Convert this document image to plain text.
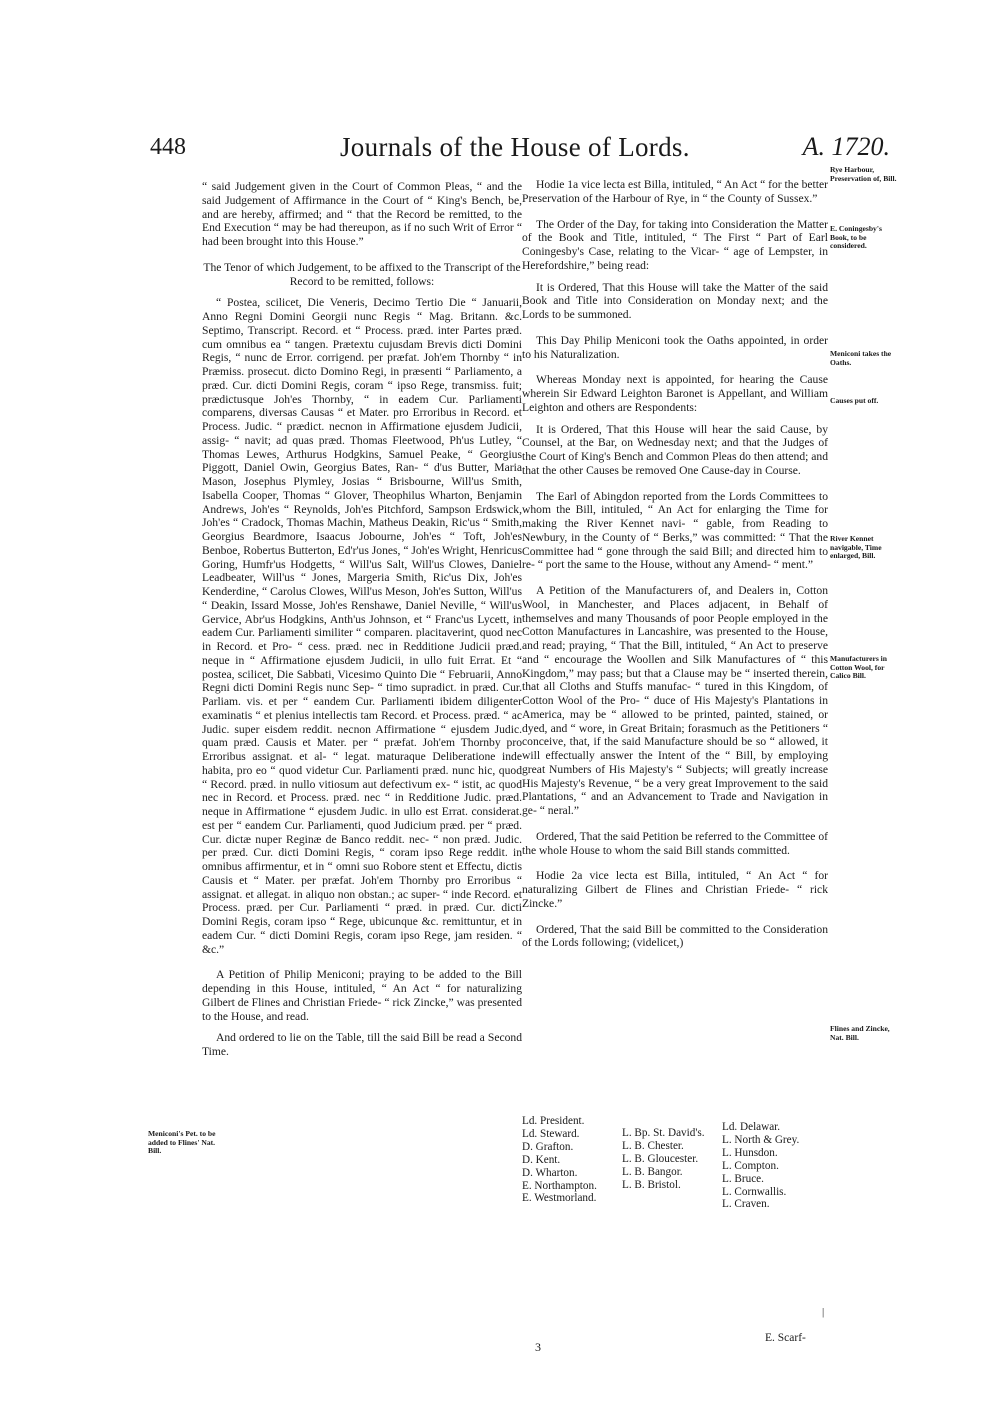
448	Journals of the House of Lords.	A. 1720.

“ said Judgement given in the Court of Common Pleas, “ and the said Judgement of Affirmance in the Court of “ King's Bench, be, and are hereby, affirmed; and “ that the Record be remitted, to the End Execution “ may be had thereupon, as if no such Writ of Error “ had been brought into this House.”

The Tenor of which Judgement, to be affixed to the Transcript of the Record to be remitted, follows:

“ Postea, scilicet, Die Veneris, Decimo Tertio Die “ Januarii, Anno Regni Domini Georgii nunc Regis “ Mag. Britann. &c. Septimo, Transcript. Record. et “ Process. præd. inter Partes præd. cum omnibus ea “ tangen. Prætextu cujusdam Brevis dicti Domini Regis, “ nunc de Error. corrigend. per præfat. Joh'em Thornby “ in Præmiss. prosecut. dicto Domino Regi, in præsenti “ Parliamento, a præd. Cur. dicti Domini Regis, coram “ ipso Rege, transmiss. fuit; prædictusque Joh'es Thornby, “ in eadem Cur. Parliamenti comparens, diversas Causas “ et Mater. pro Erroribus in Record. et Process. Judic. “ prædict. necnon in Affirmatione ejusdem Judicii, assig- “ navit; ad quas præd. Thomas Fleetwood, Ph'us Lutley, “ Thomas Lewes, Arthurus Hodgkins, Samuel Peake, “ Georgius Piggott, Daniel Owin, Georgius Bates, Ran- “ d'us Butter, Maria Mason, Josephus Plymley, Josias “ Brisbourne, Will'us Smith, Isabella Cooper, Thomas “ Glover, Theophilus Wharton, Benjamin Andrews, Joh'es “ Reynolds, Joh'es Pitchford, Sampson Erdswick, Joh'es “ Cradock, Thomas Machin, Matheus Deakin, Ric'us “ Smith, Georgius Beardmore, Isaacus Jobourne, Joh'es “ Toft, Joh'es Benboe, Robertus Butterton, Ed'r'us Jones, “ Joh'es Wright, Henricus Goring, Humfr'us Hodgetts, “ Will'us Salt, Will'us Clowes, Daniel Leadbeater, Will'us “ Jones, Margeria Smith, Ric'us Dix, Joh'es Kenderdine, “ Carolus Clowes, Will'us Meson, Joh'es Sutton, Will'us “ Deakin, Issard Mosse, Joh'es Renshawe, Daniel Neville, “ Will'us Gervice, Abr'us Hodgkins, Anth'us Johnson, et “ Franc'us Lycett, in eadem Cur. Parliamenti similiter “ comparen. placitaverint, quod nec in Record. et Pro- “ cess. præd. nec in Redditione Judicii præd. neque in “ Affirmatione ejusdem Judicii, in ullo fuit Errat. Et “ postea, scilicet, Die Sabbati, Vicesimo Quinto Die “ Februarii, Anno Regni dicti Domini Regis nunc Sep- “ timo supradict. in præd. Cur. Parliam. vis. et per “ eandem Cur. Parliamenti ibidem diligenter examinatis “ et plenius intellectis tam Record. et Process. præd. “ ac Judic. super eisdem reddit. necnon Affirmatione “ ejusdem Judic. quam præd. Causis et Mater. per “ præfat. Joh'em Thornby pro Erroribus assignat. et al- “ legat. maturaque Deliberatione inde habita, pro eo “ quod videtur Cur. Parliamenti præd. nunc hic, quod “ Record. præd. in nullo vitiosum aut defectivum ex- “ istit, ac quod nec in Record. et Process. præd. nec “ in Redditione Judic. præd. neque in Affirmatione “ ejusdem Judic. in ullo est Errat. considerat. est per “ eandem Cur. Parliamenti, quod Judicium præd. per “ præd. Cur. dictæ nuper Reginæ de Banco reddit. nec- “ non præd. Judic. per præd. Cur. dicti Domini Regis, “ coram ipso Rege reddit. in omnibus affirmentur, et in “ omni suo Robore stent et Effectu, dictis Causis et “ Mater. per præfat. Joh'em Thornby pro Erroribus “ assignat. et allegat. in aliquo non obstan.; ac super- “ inde Record. et Process. præd. per Cur. Parliamenti “ præd. in præd. Cur. dicti Domini Regis, coram ipso “ Rege, ubicunque &c. remittuntur, et in eadem Cur. “ dicti Domini Regis, coram ipso Rege, jam residen. “ &c.”

A Petition of Philip Meniconi; praying to be added to the Bill depending in this House, intituled, “ An Act “ for naturalizing Gilbert de Flines and Christian Friede- “ rick Zincke,” was presented to the House, and read.

And ordered to lie on the Table, till the said Bill be read a Second Time.

Hodie 1a vice lecta est Billa, intituled, “ An Act “ for the better Preservation of the Harbour of Rye, in “ the County of Sussex.”

The Order of the Day, for taking into Consideration the Matter of the Book and Title, intituled, “ The First “ Part of Earl Coningesby's Case, relating to the Vicar- “ age of Lempster, in Herefordshire,” being read:

It is Ordered, That this House will take the Matter of the said Book and Title into Consideration on Monday next; and the Lords to be summoned.

This Day Philip Meniconi took the Oaths appointed, in order to his Naturalization.

Whereas Monday next is appointed, for hearing the Cause wherein Sir Edward Leighton Baronet is Appellant, and William Leighton and others are Respondents:

It is Ordered, That this House will hear the said Cause, by Counsel, at the Bar, on Wednesday next; and that the Judges of the Court of King's Bench and Common Pleas do then attend; and that the other Causes be removed One Cause-day in Course.

The Earl of Abingdon reported from the Lords Committees to whom the Bill, intituled, “ An Act for enlarging the Time for making the River Kennet navi- “ gable, from Reading to Newbury, in the County of “ Berks,” was committed: “ That the Committee had “ gone through the said Bill; and directed him to re- “ port the same to the House, without any Amend- “ ment.”

A Petition of the Manufacturers of, and Dealers in, Cotton Wool, in Manchester, and Places adjacent, in Behalf of themselves and many Thousands of poor People employed in the Cotton Manufactures in Lancashire, was presented to the House, and read; praying, “ That the Bill, intituled, “ An Act to preserve and “ encourage the Woollen and Silk Manufactures of “ this Kingdom,” may pass; but that a Clause may be “ inserted therein, that all Cloths and Stuffs manufac- “ tured in this Kingdom, of Cotton Wool of the Pro- “ duce of His Majesty's Plantations in America, may be “ allowed to be printed, painted, stained, or dyed, and “ wore, in Great Britain; forasmuch as the Petitioners “ conceive, that, if the said Manufacture should be so “ allowed, it will effectually answer the Intent of the “ Bill, by employing great Numbers of His Majesty's “ Subjects; will greatly increase His Majesty's Revenue, “ be a very great Improvement to the said Plantations, “ and an Advancement to Trade and Navigation in ge- “ neral.”

Ordered, That the said Petition be referred to the Committee of the whole House to whom the said Bill stands committed.

Hodie 2a vice lecta est Billa, intituled, “ An Act “ for naturalizing Gilbert de Flines and Christian Friede- “ rick Zincke.”

Ordered, That the said Bill be committed to the Consideration of the Lords following; (videlicet,)

Rye Harbour, Preservation of, Bill.
E. Coningesby's Book, to be considered.
Meniconi takes the Oaths.
Causes put off.
River Kennet navigable, Time enlarged, Bill.
Manufacturers in Cotton Wool, for Calico Bill.
Flines and Zincke, Nat. Bill.
Meniconi's Pet. to be added to Flines' Nat. Bill.
Ld. President.
Ld. Steward.
D. Grafton.
D. Kent.
D. Wharton.
E. Northampton.
E. Westmorland.
L. Bp. St. David's.
L. B. Chester.
L. B. Gloucester.
L. B. Bangor.
L. B. Bristol.
Ld. Delawar.
L. North & Grey.
L. Hunsdon.
L. Compton.
L. Bruce.
L. Cornwallis.
L. Craven.
|
3
E. Scarf-
